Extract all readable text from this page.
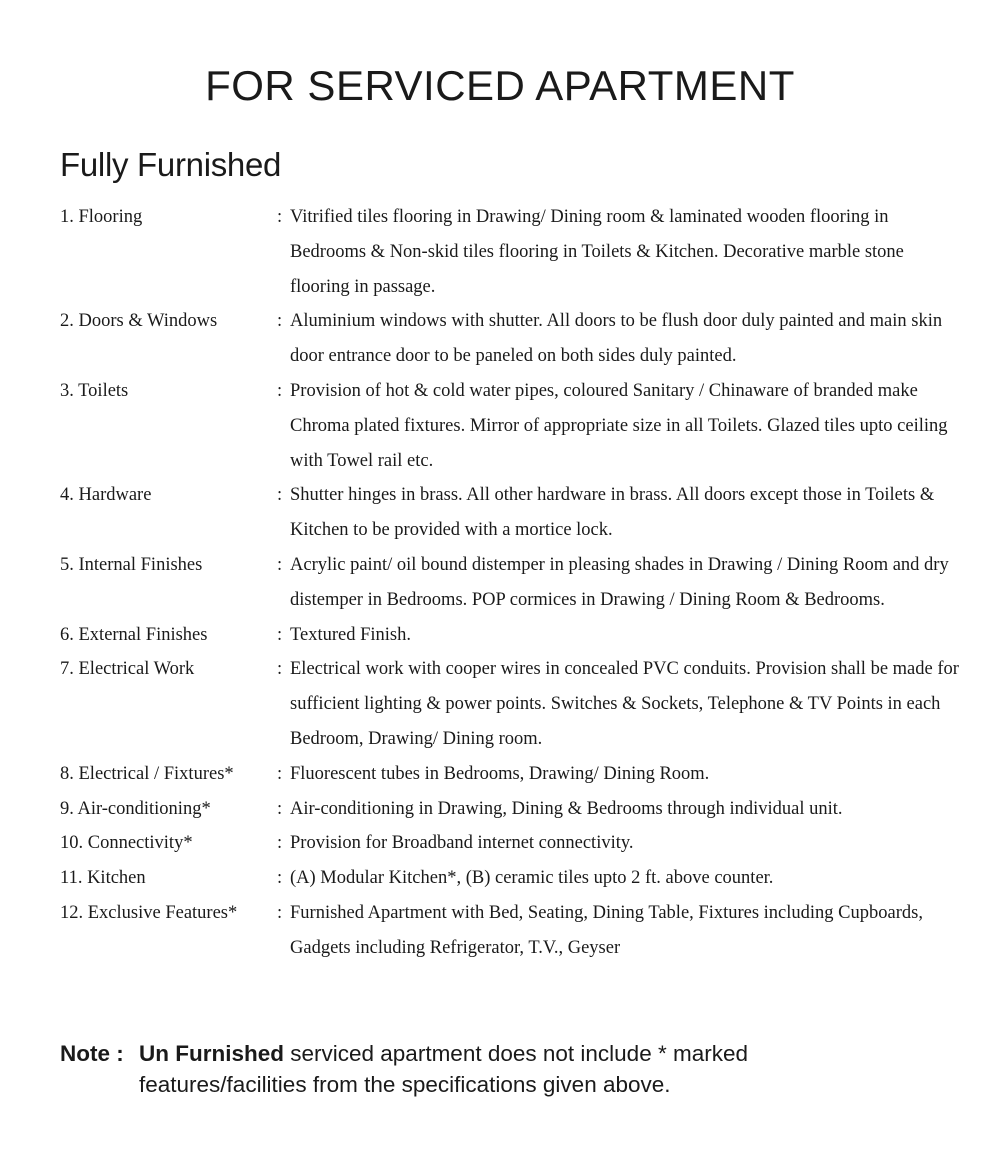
FOR SERVICED APARTMENT
Fully Furnished
1. Flooring	: Vitrified tiles flooring in Drawing/ Dining room & laminated wooden flooring in Bedrooms & Non-skid tiles flooring in Toilets & Kitchen. Decorative marble stone flooring in passage.
2. Doors & Windows	: Aluminium windows with shutter. All doors to be flush door duly painted and main skin door entrance door to be paneled on both sides duly painted.
3. Toilets	: Provision of hot & cold water pipes, coloured Sanitary / Chinaware of branded make Chroma plated fixtures. Mirror of appropriate size in all Toilets. Glazed tiles upto ceiling with Towel rail etc.
4. Hardware	: Shutter hinges in brass. All other hardware in brass. All doors except those in Toilets & Kitchen to be provided with a mortice lock.
5. Internal Finishes	: Acrylic paint/ oil bound distemper in pleasing shades in Drawing / Dining Room and dry distemper in Bedrooms. POP cormices in Drawing / Dining Room & Bedrooms.
6. External Finishes	: Textured Finish.
7. Electrical Work	: Electrical work with cooper wires in concealed PVC conduits. Provision shall be made for sufficient lighting & power points. Switches & Sockets, Telephone & TV Points in each Bedroom, Drawing/ Dining room.
8. Electrical / Fixtures*	: Fluorescent tubes in Bedrooms, Drawing/ Dining Room.
9. Air-conditioning*	: Air-conditioning in Drawing, Dining & Bedrooms through individual unit.
10. Connectivity*	: Provision for Broadband internet connectivity.
11. Kitchen	: (A) Modular Kitchen*, (B) ceramic tiles upto 2 ft. above counter.
12. Exclusive Features*	: Furnished Apartment with Bed, Seating, Dining Table, Fixtures including Cupboards, Gadgets including Refrigerator, T.V., Geyser
Note : Un Furnished serviced apartment does not include * marked features/facilities from the specifications given above.
